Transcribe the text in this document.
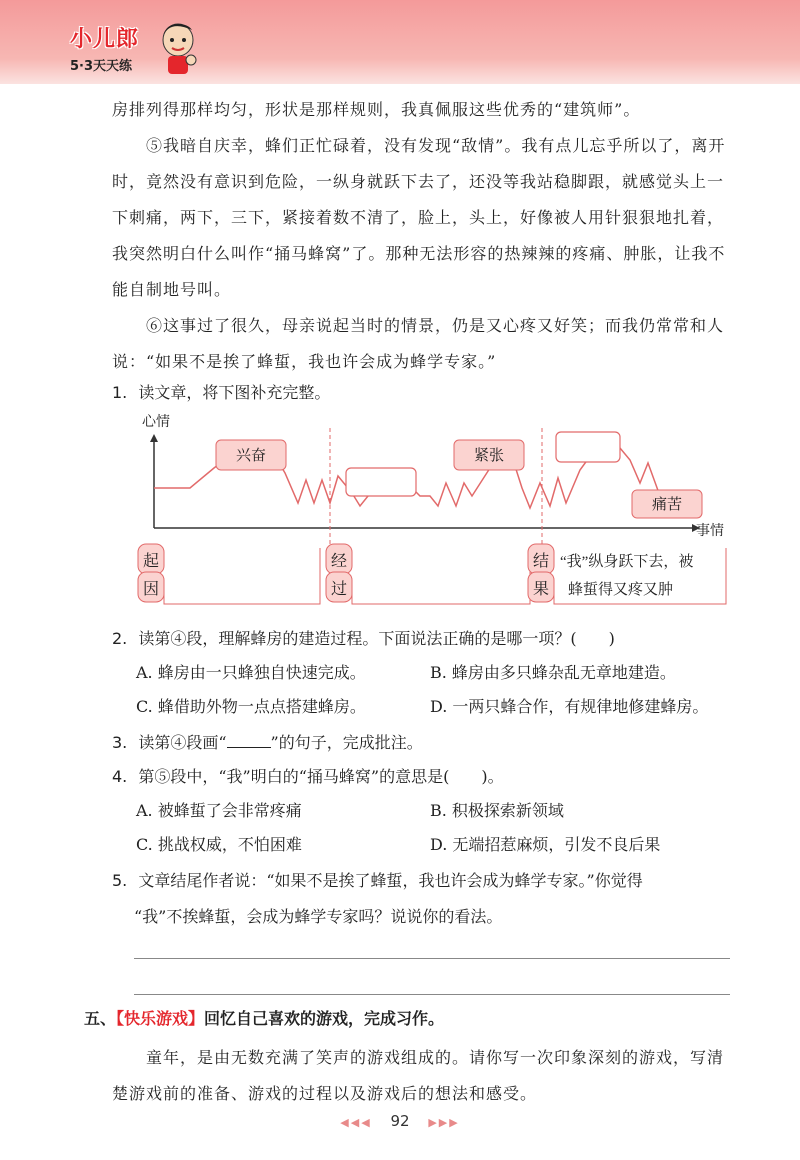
小儿郎
5·3天天练

房排列得那样均匀，形状是那样规则，我真佩服这些优秀的“建筑师”。

⑤我暗自庆幸，蜂们正忙碌着，没有发现“敌情”。我有点儿忘乎所以了，离开时，竟然没有意识到危险，一纵身就跃下去了，还没等我站稳脚跟，就感觉头上一下刺痛，两下，三下，紧接着数不清了，脸上，头上，好像被人用针狠狠地扎着，我突然明白什么叫作“捅马蜂窝”了。那种无法形容的热辣辣的疼痛、肿胀，让我不能自制地号叫。

⑥这事过了很久，母亲说起当时的情景，仍是又心疼又好笑；而我仍常常和人说：“如果不是挨了蜂蜇，我也许会成为蜂学专家。”

1. 读文章，将下图补充完整。
心情
事情
兴奋	紧张
痛苦
起
因
经
过
结
果
“我”纵身跃下去，被
蜂蜇得又疼又肿
2. 读第④段，理解蜂房的建造过程。下面说法正确的是哪一项？(　　)
A. 蜂房由一只蜂独自快速完成。	B. 蜂房由多只蜂杂乱无章地建造。
C. 蜂借助外物一点点搭建蜂房。	D. 一两只蜂合作，有规律地修建蜂房。
3. 读第④段画“	”的句子，完成批注。
4. 第⑤段中，“我”明白的“捅马蜂窝”的意思是(　　)。
A. 被蜂蜇了会非常疼痛	B. 积极探索新领域
C. 挑战权威，不怕困难	D. 无端招惹麻烦，引发不良后果
5. 文章结尾作者说：“如果不是挨了蜂蜇，我也许会成为蜂学专家。”你觉得
“我”不挨蜂蜇，会成为蜂学专家吗？说说你的看法。
五、【快乐游戏】回忆自己喜欢的游戏，完成习作。

童年，是由无数充满了笑声的游戏组成的。请你写一次印象深刻的游戏，写清楚游戏前的准备、游戏的过程以及游戏后的想法和感受。

◀◀◀ 92 ▶▶▶
